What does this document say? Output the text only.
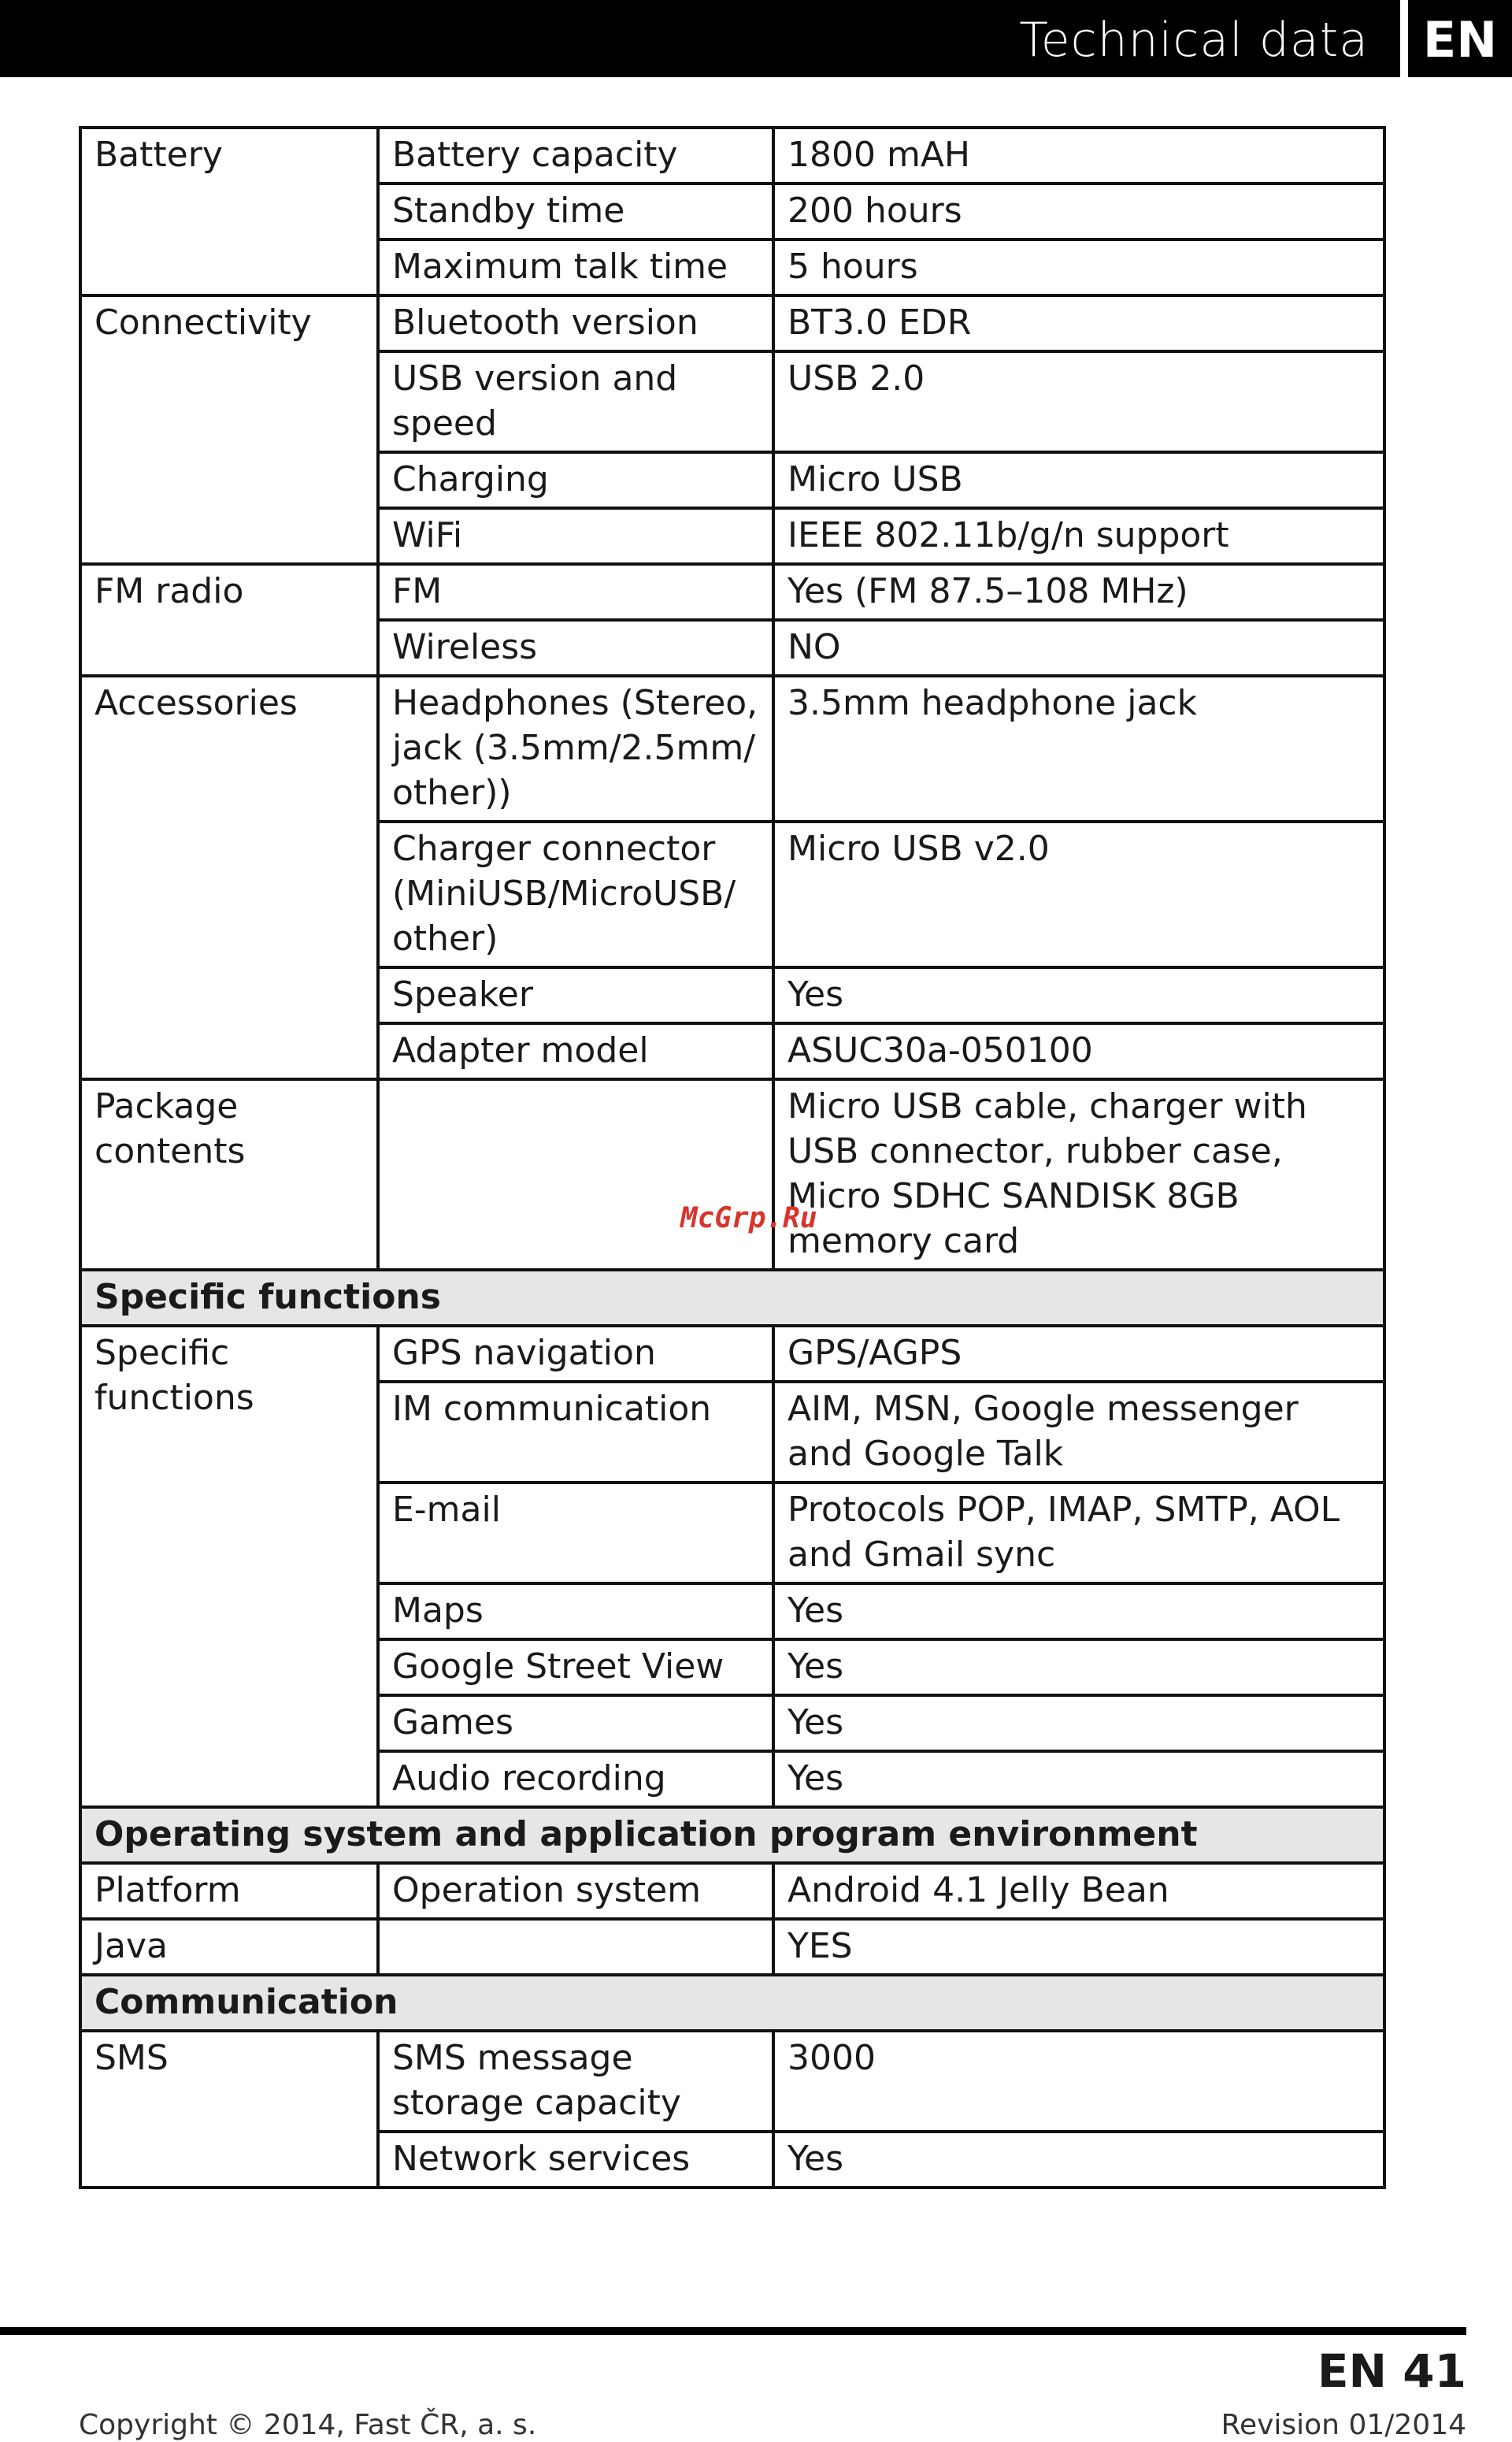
Technical data	EN
Battery	Battery capacity	1800 mAH
	Standby time	200 hours
	Maximum talk time	5 hours
Connectivity	Bluetooth version	BT3.0 EDR
	USB version and speed	USB 2.0
	Charging	Micro USB
	WiFi	IEEE 802.11b/g/n support
FM radio	FM	Yes (FM 87.5–108 MHz)
	Wireless	NO
Accessories	Headphones (Stereo, jack (3.5mm/2.5mm/ other))	3.5mm headphone jack
	Charger connector (MiniUSB/MicroUSB/ other)	Micro USB v2.0
	Speaker	Yes
	Adapter model	ASUC30a-050100
Package contents		Micro USB cable, charger with USB connector, rubber case, Micro SDHC SANDISK 8GB memory card
Specific functions		
Specific functions	GPS navigation	GPS/AGPS
	IM communication	AIM, MSN, Google messenger and Google Talk
	E-mail	Protocols POP, IMAP, SMTP, AOL and Gmail sync
	Maps	Yes
	Google Street View	Yes
	Games	Yes
	Audio recording	Yes
Operating system and application program environment		
Platform	Operation system	Android 4.1 Jelly Bean
Java		YES
Communication		
SMS	SMS message storage capacity	3000
	Network services	Yes
McGrp.Ru
EN 41
Copyright © 2014, Fast ČR, a. s.	Revision 01/2014
